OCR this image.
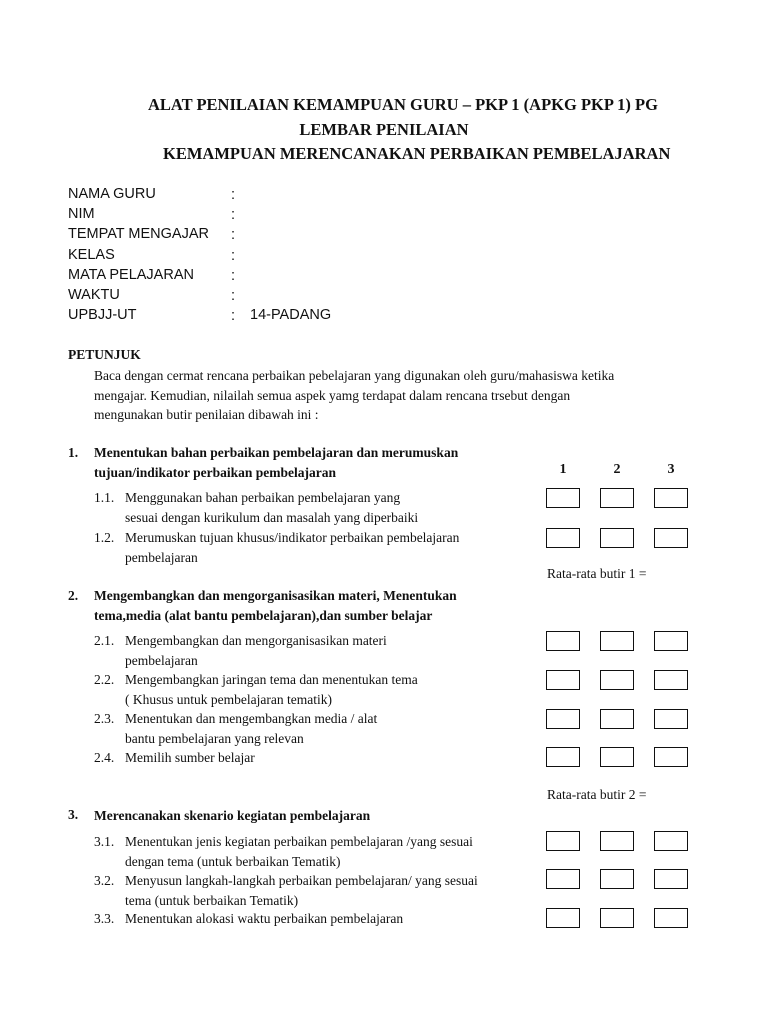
ALAT PENILAIAN KEMAMPUAN GURU – PKP 1 (APKG PKP 1) PG
LEMBAR PENILAIAN
KEMAMPUAN MERENCANAKAN PERBAIKAN PEMBELAJARAN
NAMA GURU	:
NIM	:
TEMPAT MENGAJAR :
KELAS	:
MATA PELAJARAN	:
WAKTU	:
UPBJJ-UT	: 14-PADANG
PETUNJUK
Baca dengan cermat rencana perbaikan pebelajaran yang digunakan oleh guru/mahasiswa ketika
mengajar. Kemudian, nilailah semua aspek yamg terdapat dalam rencana trsebut dengan
mengunakan butir penilaian dibawah ini :
1. Menentukan bahan perbaikan pembelajaran dan merumuskan
tujuan/indikator perbaikan pembelajaran	1	2	3
1.1. Menggunakan bahan perbaikan pembelajaran yang
sesuai dengan kurikulum dan masalah yang diperbaiki
1.2. Merumuskan tujuan khusus/indikator perbaikan pembelajaran
pembelajaran
Rata-rata butir 1 =
2. Mengembangkan dan mengorganisasikan materi, Menentukan
tema,media (alat bantu pembelajaran),dan sumber belajar
2.1. Mengembangkan dan mengorganisasikan materi
pembelajaran
2.2. Mengembangkan jaringan tema dan menentukan tema
( Khusus untuk pembelajaran tematik)
2.3. Menentukan dan mengembangkan media / alat
bantu pembelajaran yang relevan
2.4. Memilih sumber belajar
Rata-rata butir 2 =
3. Merencanakan skenario kegiatan pembelajaran
3.1. Menentukan jenis kegiatan perbaikan pembelajaran /yang sesuai
dengan tema (untuk berbaikan Tematik)
3.2. Menyusun langkah-langkah perbaikan pembelajaran/ yang sesuai
tema (untuk berbaikan Tematik)
3.3. Menentukan alokasi waktu perbaikan pembelajaran
